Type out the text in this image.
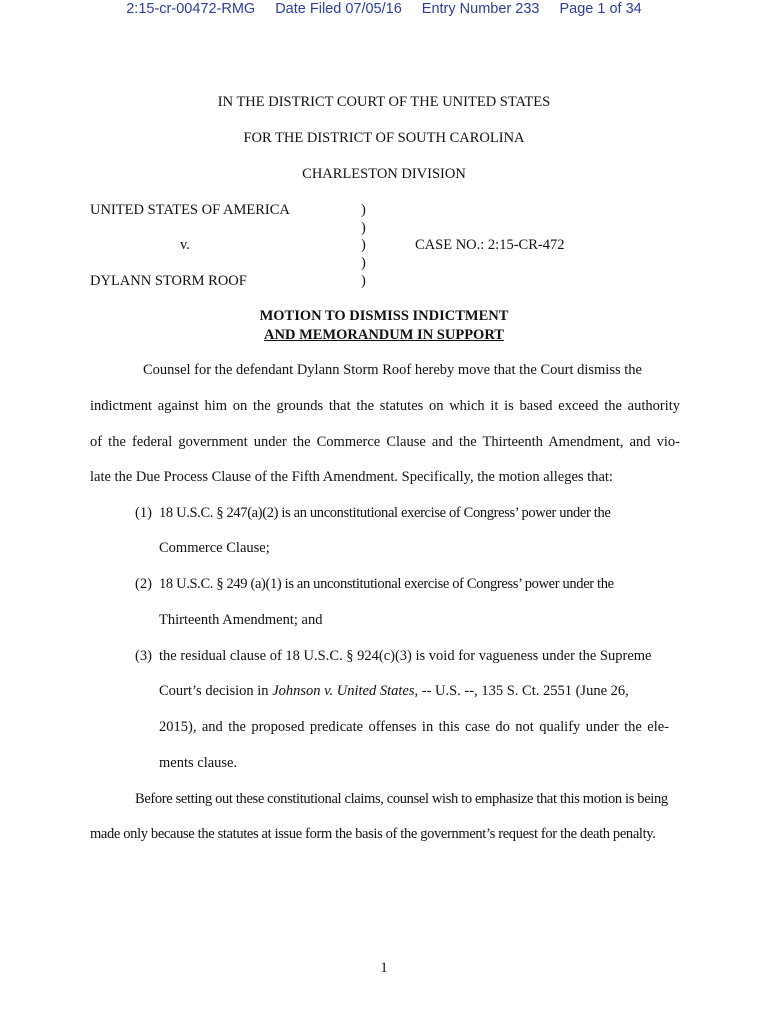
2:15-cr-00472-RMG Date Filed 07/05/16 Entry Number 233 Page 1 of 34
IN THE DISTRICT COURT OF THE UNITED STATES
FOR THE DISTRICT OF SOUTH CAROLINA
CHARLESTON DIVISION
UNITED STATES OF AMERICA
v.
DYLANN STORM ROOF
)
)
)
)
)
CASE NO.: 2:15-CR-472
MOTION TO DISMISS INDICTMENT
AND MEMORANDUM IN SUPPORT
Counsel for the defendant Dylann Storm Roof hereby move that the Court dismiss the
indictment against him on the grounds that the statutes on which it is based exceed the authority
of the federal government under the Commerce Clause and the Thirteenth Amendment, and vio-
late the Due Process Clause of the Fifth Amendment. Specifically, the motion alleges that:
(1) 18 U.S.C. § 247(a)(2) is an unconstitutional exercise of Congress’ power under the
Commerce Clause;
(2) 18 U.S.C. § 249 (a)(1) is an unconstitutional exercise of Congress’ power under the
Thirteenth Amendment; and
(3) the residual clause of 18 U.S.C. § 924(c)(3) is void for vagueness under the Supreme
Court’s decision in Johnson v. United States, -- U.S. --, 135 S. Ct. 2551 (June 26,
2015), and the proposed predicate offenses in this case do not qualify under the ele-
ments clause.
Before setting out these constitutional claims, counsel wish to emphasize that this motion is being
made only because the statutes at issue form the basis of the government’s request for the death penalty.
1
